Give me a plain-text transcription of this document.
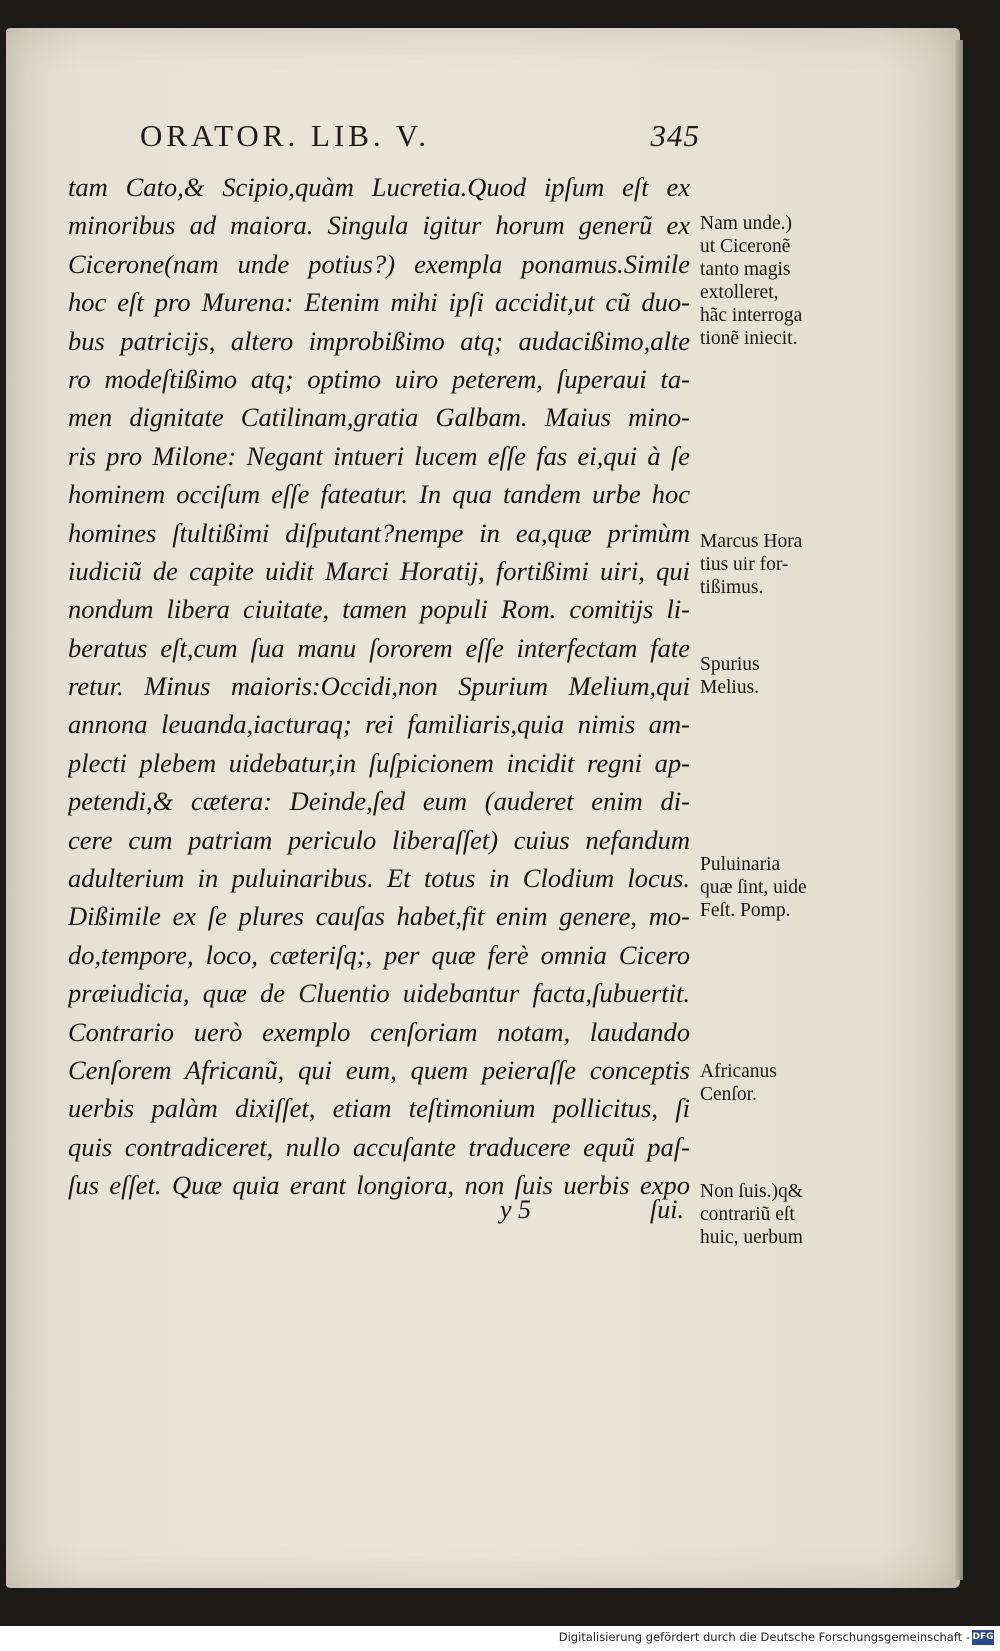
ORATOR. LIB. V.	345
tam Cato,& Scipio,quàm Lucretia.Quod ipſum eſt ex
minoribus ad maiora. Singula igitur horum generũ ex
Cicerone(nam unde potius?) exempla ponamus.Simile
hoc eſt pro Murena: Etenim mihi ipſi accidit,ut cũ duo-
bus patricijs, altero improbißimo atq; audacißimo,alte
ro modeſtißimo atq; optimo uiro peterem, ſuperaui ta-
men dignitate Catilinam,gratia Galbam. Maius mino-
ris pro Milone: Negant intueri lucem eſſe fas ei,qui à ſe
hominem occiſum eſſe fateatur. In qua tandem urbe hoc
homines ſtultißimi diſputant?nempe in ea,quæ primùm
iudiciũ de capite uidit Marci Horatij, fortißimi uiri, qui
nondum libera ciuitate, tamen populi Rom. comitijs li-
beratus eſt,cum ſua manu ſororem eſſe interfectam fate
retur. Minus maioris:Occidi,non Spurium Melium,qui
annona leuanda,iacturaq; rei familiaris,quia nimis am-
plecti plebem uidebatur,in ſuſpicionem incidit regni ap-
petendi,& cætera: Deinde,ſed eum (auderet enim di-
cere cum patriam periculo liberaſſet) cuius nefandum
adulterium in puluinaribus. Et totus in Clodium locus.
Dißimile ex ſe plures cauſas habet,fit enim genere, mo-
do,tempore, loco, cæteriſq;, per quæ ferè omnia Cicero
præiudicia, quæ de Cluentio uidebantur facta,ſubuertit.
Contrario uerò exemplo cenſoriam notam, laudando
Cenſorem Africanũ, qui eum, quem peieraſſe conceptis
uerbis palàm dixiſſet, etiam teſtimonium pollicitus, ſi
quis contradiceret, nullo accuſante traducere equũ paſ-
ſus eſſet. Quæ quia erant longiora, non ſuis uerbis expo
y 5	ſui.
Nam unde.)
ut Ciceronẽ
tanto magis
extolleret,
hãc interroga
tionẽ iniecit.
Marcus Hora
tius uir for-
tißimus.
Spurius
Melius.
Puluinaria
quæ ſint, uide
Feſt. Pomp.
Africanus
Cenſor.
Non ſuis.)q&
contrariũ eſt
huic, uerbum
Digitalisierung gefördert durch die Deutsche Forschungsgemeinschaft - DFG
